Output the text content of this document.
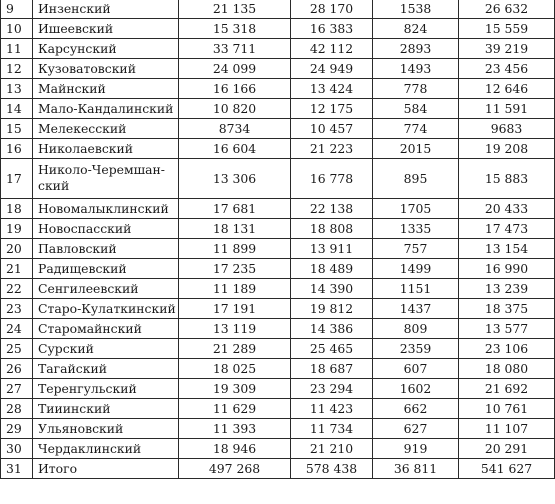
9	Инзенский	21 135	28 170	1538	26 632
10	Ишеевский	15 318	16 383	824	15 559
11	Карсунский	33 711	42 112	2893	39 219
12	Кузоватовский	24 099	24 949	1493	23 456
13	Майнский	16 166	13 424	778	12 646
14	Мало-Кандалинский	10 820	12 175	584	11 591
15	Мелекесский	8734	10 457	774	9683
16	Николаевский	16 604	21 223	2015	19 208
17	Николо-Черемшан-ский	13 306	16 778	895	15 883
18	Новомалыклинский	17 681	22 138	1705	20 433
19	Новоспасский	18 131	18 808	1335	17 473
20	Павловский	11 899	13 911	757	13 154
21	Радищевский	17 235	18 489	1499	16 990
22	Сенгилеевский	11 189	14 390	1151	13 239
23	Старо-Кулаткинский	17 191	19 812	1437	18 375
24	Старомайнский	13 119	14 386	809	13 577
25	Сурский	21 289	25 465	2359	23 106
26	Тагайский	18 025	18 687	607	18 080
27	Теренгульский	19 309	23 294	1602	21 692
28	Тииинский	11 629	11 423	662	10 761
29	Ульяновский	11 393	11 734	627	11 107
30	Чердаклинский	18 946	21 210	919	20 291
31	Итого	497 268	578 438	36 811	541 627
